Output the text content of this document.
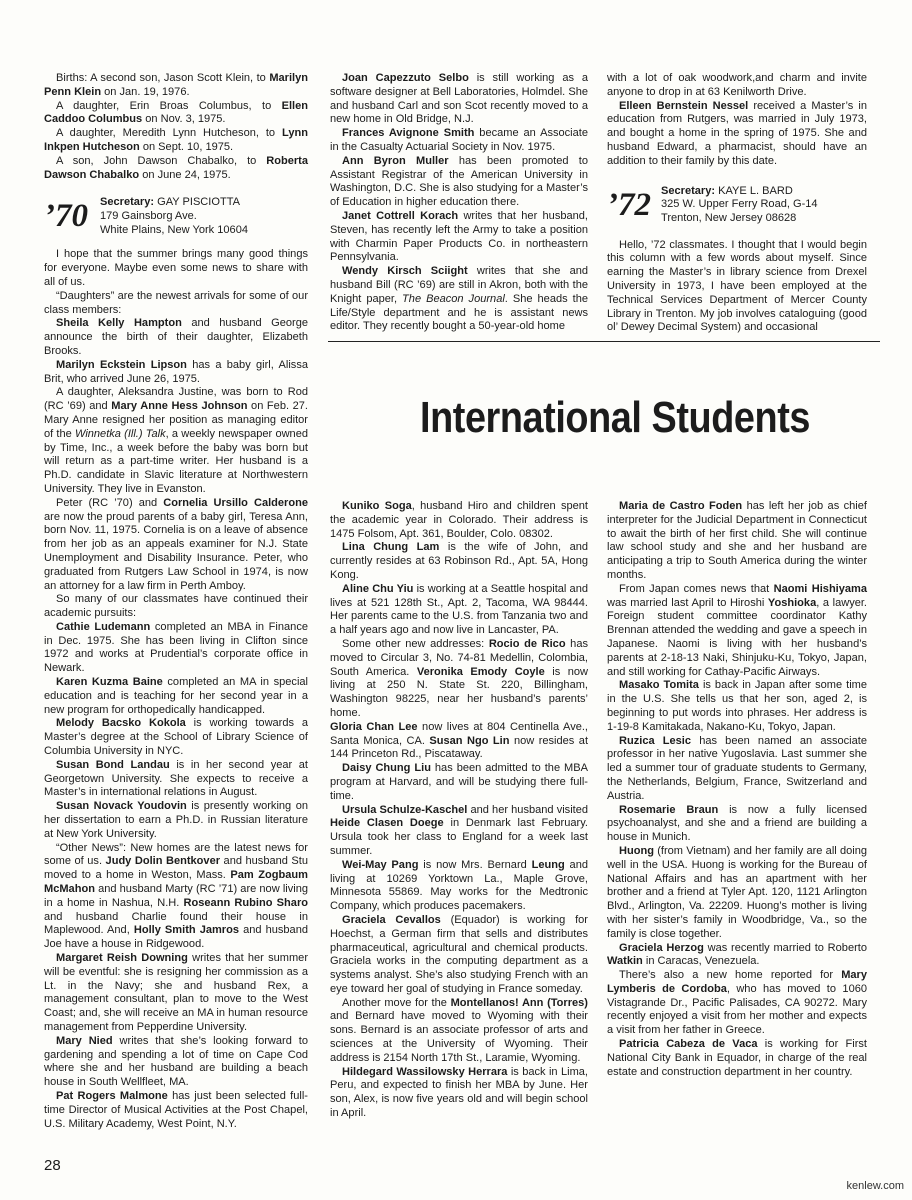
Births: A second son, Jason Scott Klein, to Marilyn Penn Klein on Jan. 19, 1976.

A daughter, Erin Broas Columbus, to Ellen Caddoo Columbus on Nov. 3, 1975.

A daughter, Meredith Lynn Hutcheson, to Lynn Inkpen Hutcheson on Sept. 10, 1975.

A son, John Dawson Chabalko, to Roberta Dawson Chabalko on June 24, 1975.

’70 Secretary: GAY PISCIOTTA
179 Gainsborg Ave.
White Plains, New York 10604

I hope that the summer brings many good things for everyone. Maybe even some news to share with all of us.

“Daughters” are the newest arrivals for some of our class members:

Sheila Kelly Hampton and husband George announce the birth of their daughter, Elizabeth Brooks.

Marilyn Eckstein Lipson has a baby girl, Alissa Brit, who arrived June 26, 1975.

A daughter, Aleksandra Justine, was born to Rod (RC ’69) and Mary Anne Hess Johnson on Feb. 27. Mary Anne resigned her position as managing editor of the Winnetka (Ill.) Talk, a weekly newspaper owned by Time, Inc., a week before the baby was born but will return as a part-time writer. Her husband is a Ph.D. candidate in Slavic literature at Northwestern University. They live in Evanston.

Peter (RC ’70) and Cornelia Ursillo Calderone are now the proud parents of a baby girl, Teresa Ann, born Nov. 11, 1975. Cornelia is on a leave of absence from her job as an appeals examiner for N.J. State Unemployment and Disability Insurance. Peter, who graduated from Rutgers Law School in 1974, is now an attorney for a law firm in Perth Amboy.

So many of our classmates have continued their academic pursuits:

Cathie Ludemann completed an MBA in Finance in Dec. 1975. She has been living in Clifton since 1972 and works at Prudential’s corporate office in Newark.

Karen Kuzma Baine completed an MA in special education and is teaching for her second year in a new program for orthopedically handicapped.

Melody Bacsko Kokola is working towards a Master’s degree at the School of Library Science of Columbia University in NYC.

Susan Bond Landau is in her second year at Georgetown University. She expects to receive a Master’s in international relations in August.

Susan Novack Youdovin is presently working on her dissertation to earn a Ph.D. in Russian literature at New York University.

“Other News”: New homes are the latest news for some of us. Judy Dolin Bentkover and husband Stu moved to a home in Weston, Mass. Pam Zogbaum McMahon and husband Marty (RC ’71) are now living in a home in Nashua, N.H. Roseann Rubino Sharo and husband Charlie found their house in Maplewood. And, Holly Smith Jamros and husband Joe have a house in Ridgewood.

Margaret Reish Downing writes that her summer will be eventful: she is resigning her commission as a Lt. in the Navy; she and husband Rex, a management consultant, plan to move to the West Coast; and, she will receive an MA in human resource management from Pepperdine University.

Mary Nied writes that she’s looking forward to gardening and spending a lot of time on Cape Cod where she and her husband are building a beach house in South Wellfleet, MA.

Pat Rogers Malmone has just been selected full-time Director of Musical Activities at the Post Chapel, U.S. Military Academy, West Point, N.Y.

Joan Capezzuto Selbo is still working as a software designer at Bell Laboratories, Holmdel. She and husband Carl and son Scot recently moved to a new home in Old Bridge, N.J.

Frances Avignone Smith became an Associate in the Casualty Actuarial Society in Nov. 1975.

Ann Byron Muller has been promoted to Assistant Registrar of the American University in Washington, D.C. She is also studying for a Master’s of Education in higher education there.

Janet Cottrell Korach writes that her husband, Steven, has recently left the Army to take a position with Charmin Paper Products Co. in northeastern Pennsylvania.

Wendy Kirsch Sciight writes that she and husband Bill (RC ’69) are still in Akron, both with the Knight paper, The Beacon Journal. She heads the Life/Style department and he is assistant news editor. They recently bought a 50-year-old home

with a lot of oak woodwork,and charm and invite anyone to drop in at 63 Kenilworth Drive.

Elleen Bernstein Nessel received a Master’s in education from Rutgers, was married in July 1973, and bought a home in the spring of 1975. She and husband Edward, a pharmacist, should have an addition to their family by this date.

’72 Secretary: KAYE L. BARD
325 W. Upper Ferry Road, G-14
Trenton, New Jersey 08628

Hello, ’72 classmates. I thought that I would begin this column with a few words about myself. Since earning the Master’s in library science from Drexel University in 1973, I have been employed at the Technical Services Department of Mercer County Library in Trenton. My job involves cataloguing (good ol’ Dewey Decimal System) and occasional

International Students

Kuniko Soga, husband Hiro and children spent the academic year in Colorado. Their address is 1475 Folsom, Apt. 361, Boulder, Colo. 08302.

Lina Chung Lam is the wife of John, and currently resides at 63 Robinson Rd., Apt. 5A, Hong Kong.

Aline Chu Yiu is working at a Seattle hospital and lives at 521 128th St., Apt. 2, Tacoma, WA 98444. Her parents came to the U.S. from Tanzania two and a half years ago and now live in Lancaster, PA.

Some other new addresses: Rocio de Rico has moved to Circular 3, No. 74-81 Medellin, Colombia, South America. Veronika Emody Coyle is now living at 250 N. State St. 220, Billingham, Washington 98225, near her husband’s parents’ home.

Gloria Chan Lee now lives at 804 Centinella Ave., Santa Monica, CA. Susan Ngo Lin now resides at 144 Princeton Rd., Piscataway.

Daisy Chung Liu has been admitted to the MBA program at Harvard, and will be studying there full-time.

Ursula Schulze-Kaschel and her husband visited Heide Clasen Doege in Denmark last February. Ursula took her class to England for a week last summer.

Wei-May Pang is now Mrs. Bernard Leung and living at 10269 Yorktown La., Maple Grove, Minnesota 55869. May works for the Medtronic Company, which produces pacemakers.

Graciela Cevallos (Equador) is working for Hoechst, a German firm that sells and distributes pharmaceutical, agricultural and chemical products. Graciela works in the computing department as a systems analyst. She’s also studying French with an eye toward her goal of studying in France someday.

Another move for the Montellanos! Ann (Torres) and Bernard have moved to Wyoming with their sons. Bernard is an associate professor of arts and sciences at the University of Wyoming. Their address is 2154 North 17th St., Laramie, Wyoming.

Hildegard Wassilowsky Herrara is back in Lima, Peru, and expected to finish her MBA by June. Her son, Alex, is now five years old and will begin school in April.

Maria de Castro Foden has left her job as chief interpreter for the Judicial Department in Connecticut to await the birth of her first child. She will continue law school study and she and her husband are anticipating a trip to South America during the winter months.

From Japan comes news that Naomi Hishiyama was married last April to Hiroshi Yoshioka, a lawyer. Foreign student committee coordinator Kathy Brennan attended the wedding and gave a speech in Japanese. Naomi is living with her husband’s parents at 2-18-13 Naki, Shinjuku-Ku, Tokyo, Japan, and still working for Cathay-Pacific Airways.

Masako Tomita is back in Japan after some time in the U.S. She tells us that her son, aged 2, is beginning to put words into phrases. Her address is 1-19-8 Kamitakada, Nakano-Ku, Tokyo, Japan.

Ruzica Lesic has been named an associate professor in her native Yugoslavia. Last summer she led a summer tour of graduate students to Germany, the Netherlands, Belgium, France, Switzerland and Austria.

Rosemarie Braun is now a fully licensed psychoanalyst, and she and a friend are building a house in Munich.

Huong (from Vietnam) and her family are all doing well in the USA. Huong is working for the Bureau of National Affairs and has an apartment with her brother and a friend at Tyler Apt. 120, 1121 Arlington Blvd., Arlington, Va. 22209. Huong’s mother is living with her sister’s family in Woodbridge, Va., so the family is close together.

Graciela Herzog was recently married to Roberto Watkin in Caracas, Venezuela.

There’s also a new home reported for Mary Lymberis de Cordoba, who has moved to 1060 Vistagrande Dr., Pacific Palisades, CA 90272. Mary recently enjoyed a visit from her mother and expects a visit from her father in Greece.

Patricia Cabeza de Vaca is working for First National City Bank in Equador, in charge of the real estate and construction department in her country.

28
kenlew.com
